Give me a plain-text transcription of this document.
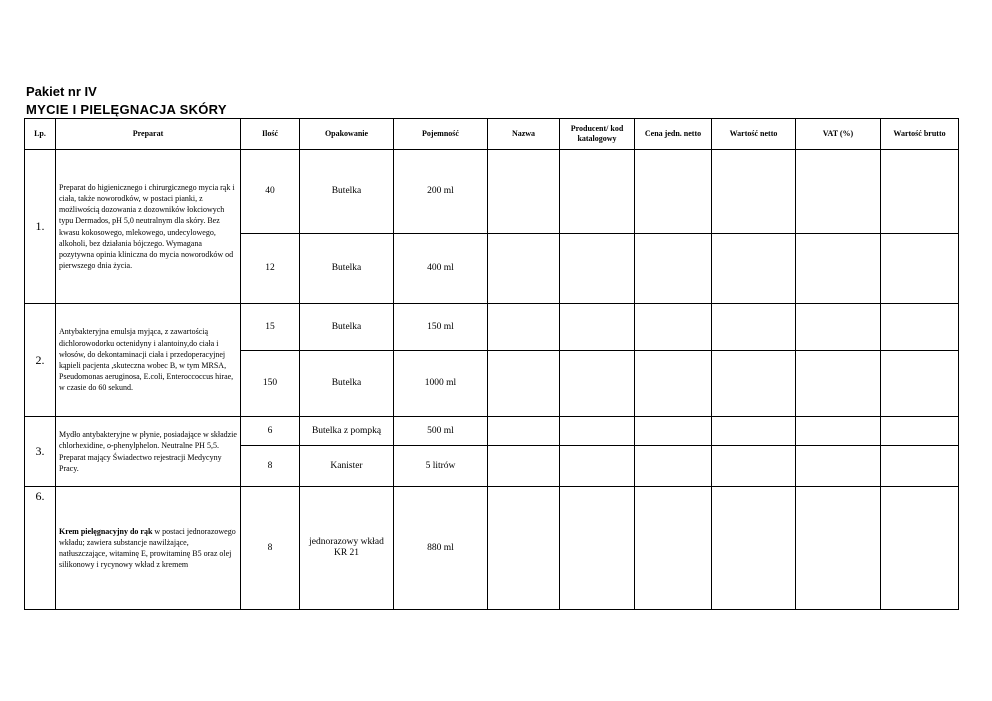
Pakiet nr IV
MYCIE I PIELĘGNACJA SKÓRY
Lp.	Preparat	Ilość	Opakowanie	Pojemność	Nazwa	Producent/ kod katalogowy	Cena jedn. netto	Wartość netto	VAT (%)	Wartość brutto
1.	Preparat do higienicznego i chirurgicznego mycia rąk i ciała, także noworodków, w postaci pianki, z możliwością dozowania z dozowników łokciowych typu Dermados, pH 5,0 neutralnym dla skóry. Bez kwasu kokosowego, mlekowego, undecylowego, alkoholi, bez działania bójczego. Wymagana pozytywna opinia kliniczna do mycia noworodków od pierwszego dnia życia.	40	Butelka	200 ml						
		12	Butelka	400 ml						
2.	Antybakteryjna emulsja myjąca, z zawartością dichlorowodorku octenidyny i alantoiny,do ciała i włosów, do dekontaminacji ciała i przedoperacyjnej kąpieli pacjenta ,skuteczna wobec B, w tym MRSA, Pseudomonas aeruginosa, E.coli, Enteroccoccus hirae, w czasie do 60 sekund.	15	Butelka	150 ml						
		150	Butelka	1000 ml						
3.	Mydło antybakteryjne w płynie, posiadające w składzie chlorhexidine, o-phenylphelon. Neutralne PH 5,5. Preparat mający Świadectwo rejestracji Medycyny Pracy.	6	Butelka z pompką	500 ml						
		8	Kanister	5 litrów						
6.	Krem pielęgnacyjny do rąk w postaci jednorazowego wkładu; zawiera substancje nawilżające, natłuszczające, witaminę E, prowitaminę B5 oraz olej silikonowy i rycynowy wkład z kremem	8	jednorazowy wkład KR 21	880 ml						
